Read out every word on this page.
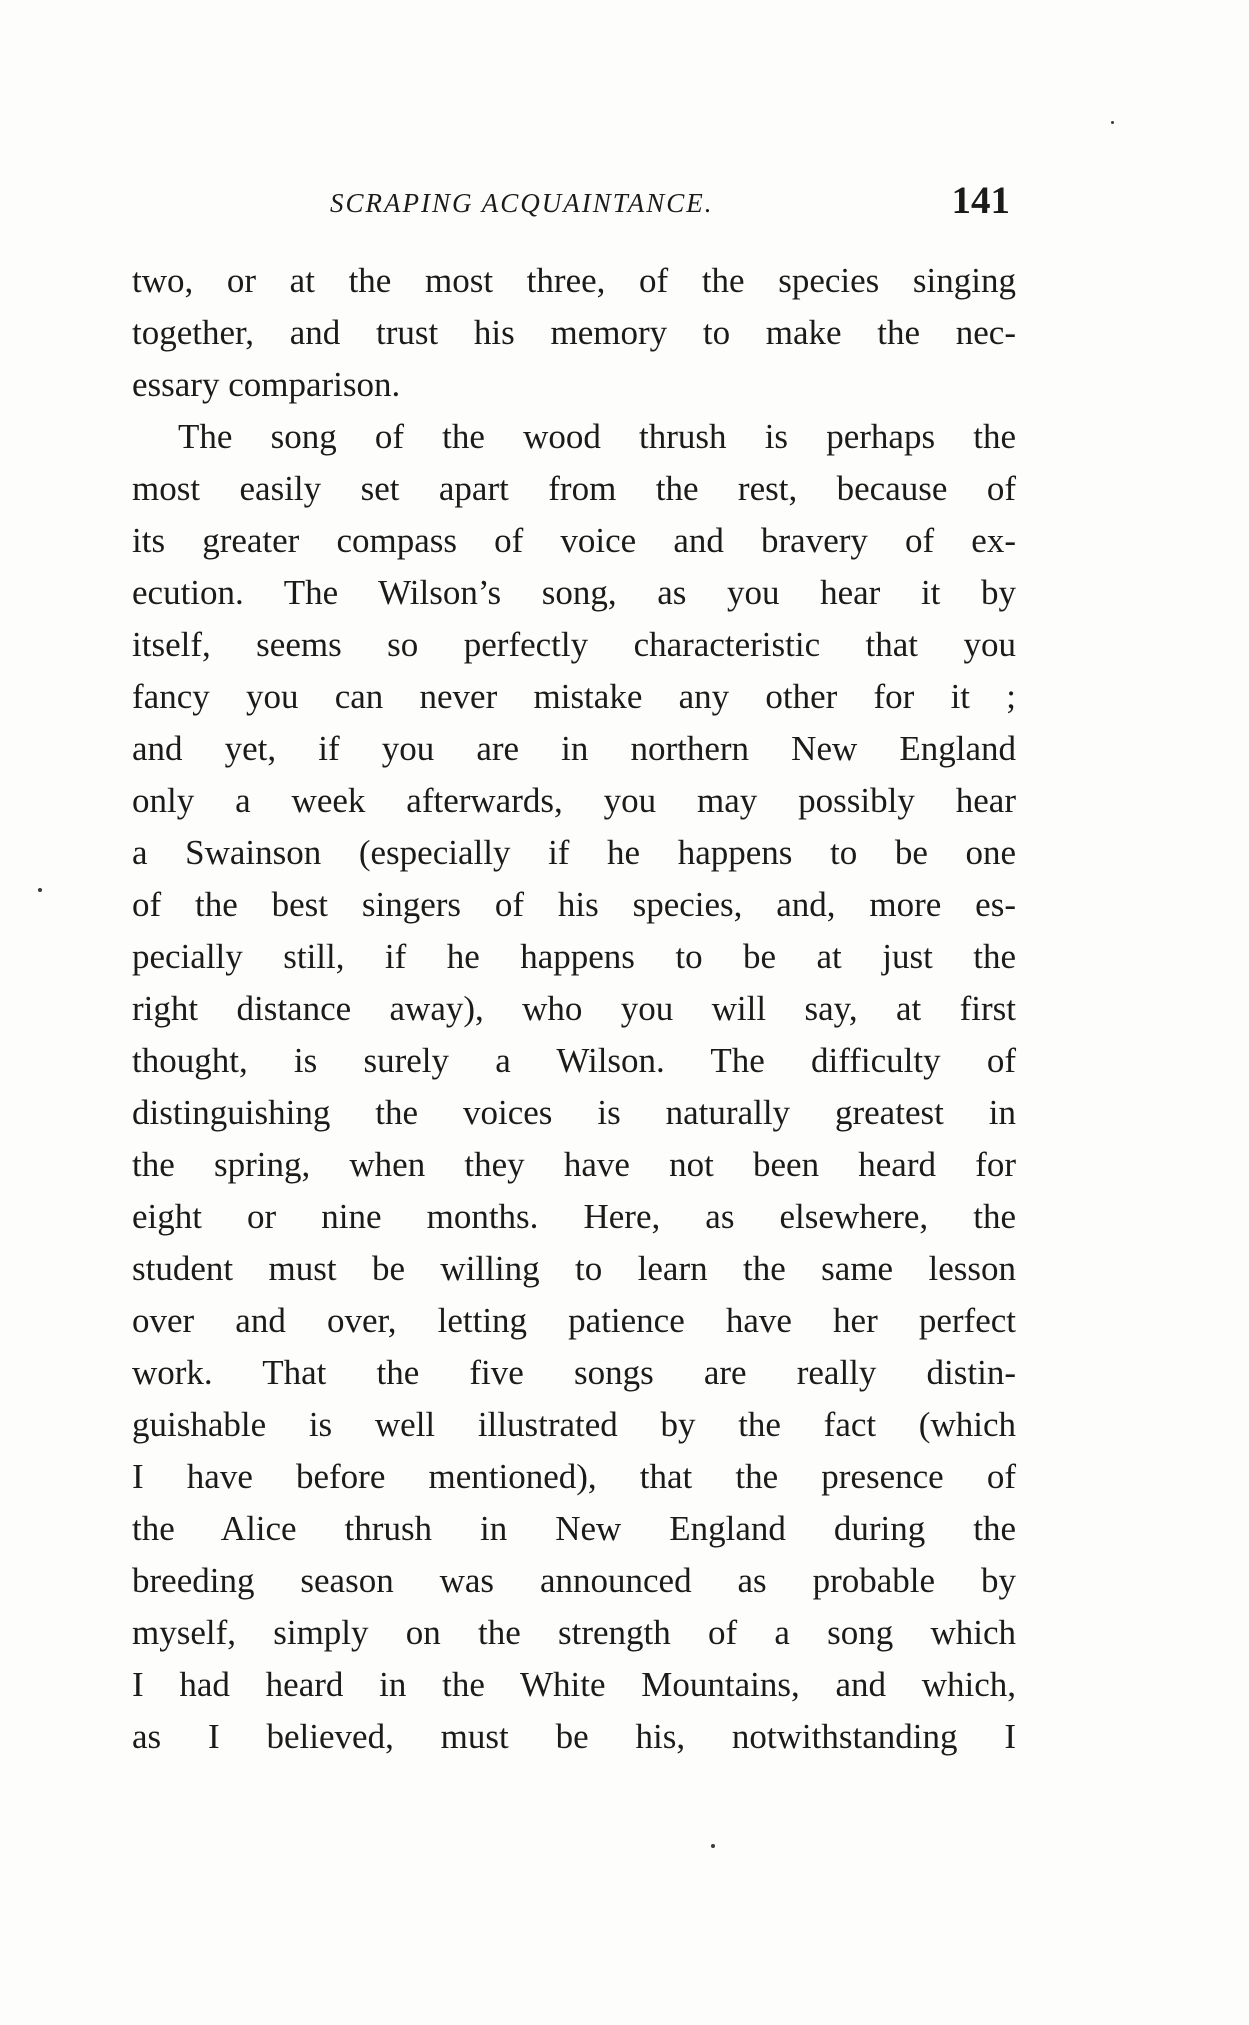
SCRAPING ACQUAINTANCE.	141
two, or at the most three, of the species singing
together, and trust his memory to make the nec-
essary comparison.
The song of the wood thrush is perhaps the
most easily set apart from the rest, because of
its greater compass of voice and bravery of ex-
ecution. The Wilson’s song, as you hear it by
itself, seems so perfectly characteristic that you
fancy you can never mistake any other for it ;
and yet, if you are in northern New England
only a week afterwards, you may possibly hear
a Swainson (especially if he happens to be one
of the best singers of his species, and, more es-
pecially still, if he happens to be at just the
right distance away), who you will say, at first
thought, is surely a Wilson. The difficulty of
distinguishing the voices is naturally greatest in
the spring, when they have not been heard for
eight or nine months. Here, as elsewhere, the
student must be willing to learn the same lesson
over and over, letting patience have her perfect
work. That the five songs are really distin-
guishable is well illustrated by the fact (which
I have before mentioned), that the presence of
the Alice thrush in New England during the
breeding season was announced as probable by
myself, simply on the strength of a song which
I had heard in the White Mountains, and which,
as I believed, must be his, notwithstanding I
